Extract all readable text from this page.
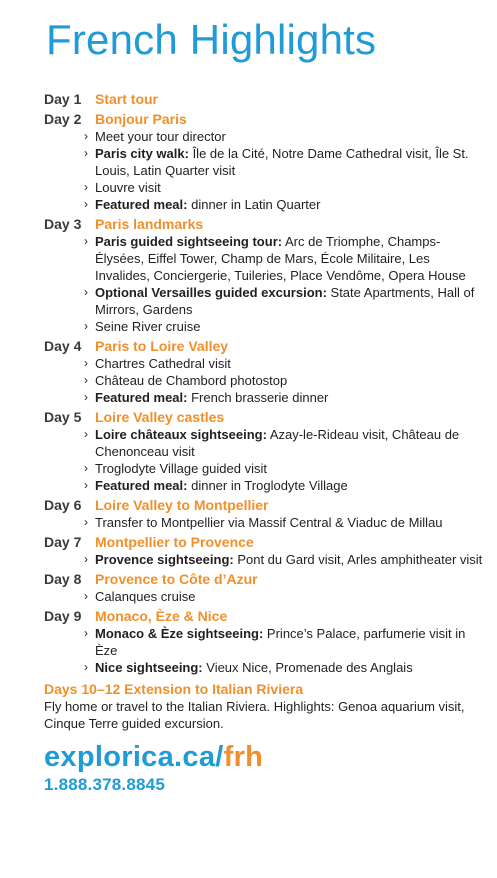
French Highlights
Day 1 Start tour
Day 2 Bonjour Paris
› Meet your tour director
› Paris city walk: Île de la Cité, Notre Dame Cathedral visit, Île St. Louis, Latin Quarter visit
› Louvre visit
› Featured meal: dinner in Latin Quarter
Day 3 Paris landmarks
› Paris guided sightseeing tour: Arc de Triomphe, Champs-Élysées, Eiffel Tower, Champ de Mars, École Militaire, Les Invalides, Conciergerie, Tuileries, Place Vendôme, Opera House
› Optional Versailles guided excursion: State Apartments, Hall of Mirrors, Gardens
› Seine River cruise
Day 4 Paris to Loire Valley
› Chartres Cathedral visit
› Château de Chambord photostop
› Featured meal: French brasserie dinner
Day 5 Loire Valley castles
› Loire châteaux sightseeing: Azay-le-Rideau visit, Château de Chenonceau visit
› Troglodyte Village guided visit
› Featured meal: dinner in Troglodyte Village
Day 6 Loire Valley to Montpellier
› Transfer to Montpellier via Massif Central & Viaduc de Millau
Day 7 Montpellier to Provence
› Provence sightseeing: Pont du Gard visit, Arles amphitheater visit
Day 8 Provence to Côte d’Azur
› Calanques cruise
Day 9 Monaco, Èze & Nice
› Monaco & Èze sightseeing: Prince’s Palace, parfumerie visit in Èze
› Nice sightseeing: Vieux Nice, Promenade des Anglais
Days 10–12 Extension to Italian Riviera
Fly home or travel to the Italian Riviera. Highlights: Genoa aquarium visit, Cinque Terre guided excursion.
explorica.ca/frh
1.888.378.8845
